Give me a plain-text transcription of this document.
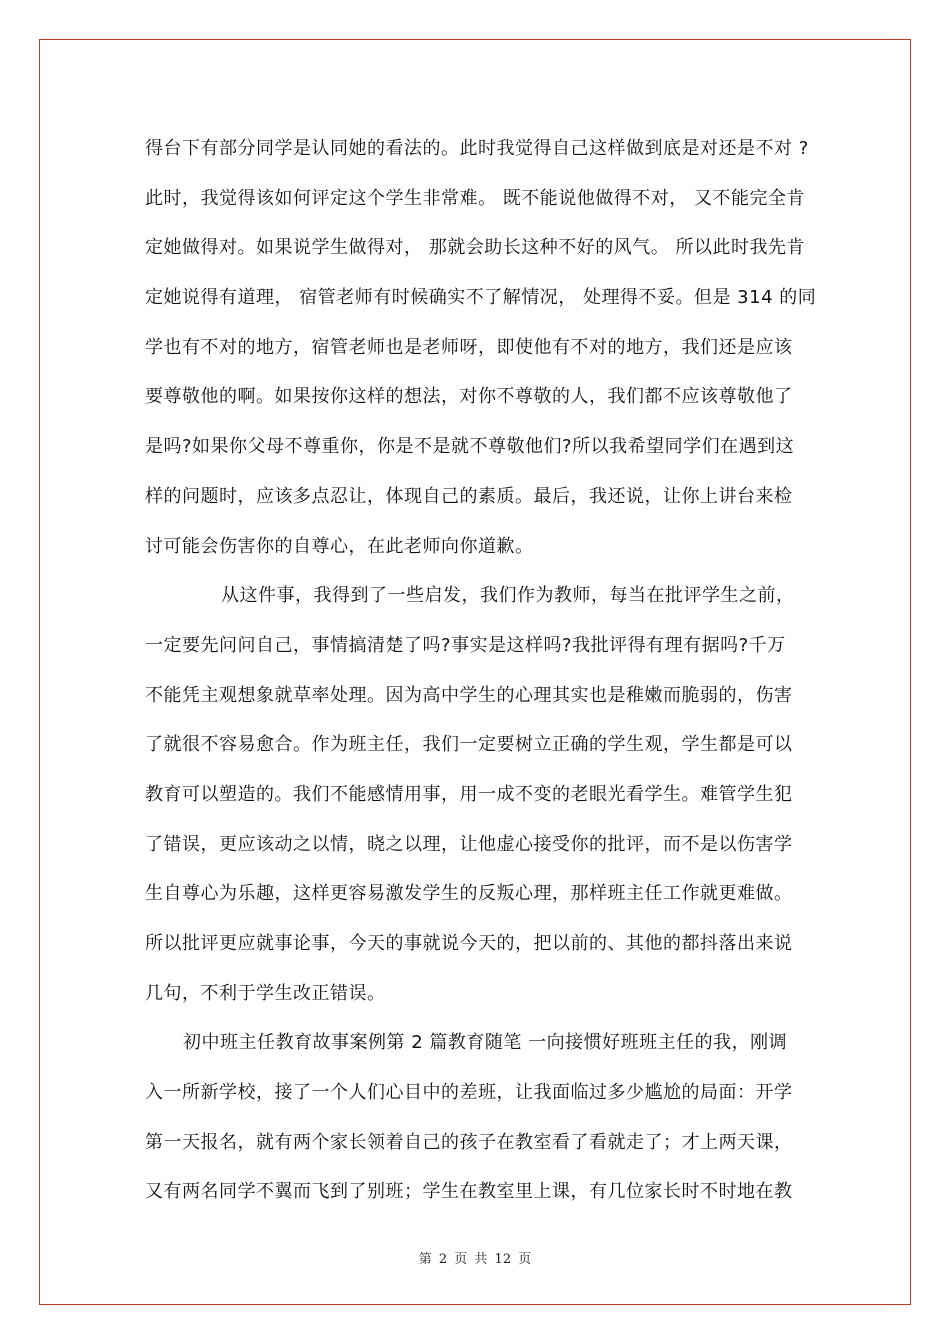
得台下有部分同学是认同她的看法的。此时我觉得自己这样做到底是对还是不对 ?
此时，我觉得该如何评定这个学生非常难。 既不能说他做得不对， 又不能完全肯
定她做得对。如果说学生做得对， 那就会助长这种不好的风气。 所以此时我先肯
定她说得有道理， 宿管老师有时候确实不了解情况， 处理得不妥。但是 314 的同
学也有不对的地方，宿管老师也是老师呀，即使他有不对的地方，我们还是应该
要尊敬他的啊。如果按你这样的想法，对你不尊敬的人，我们都不应该尊敬他了
是吗?如果你父母不尊重你，你是不是就不尊敬他们?所以我希望同学们在遇到这
样的问题时，应该多点忍让，体现自己的素质。最后，我还说，让你上讲台来检
讨可能会伤害你的自尊心，在此老师向你道歉。
从这件事，我得到了一些启发，我们作为教师，每当在批评学生之前，
一定要先问问自己，事情搞清楚了吗?事实是这样吗?我批评得有理有据吗?千万
不能凭主观想象就草率处理。因为高中学生的心理其实也是稚嫩而脆弱的，伤害
了就很不容易愈合。作为班主任，我们一定要树立正确的学生观，学生都是可以
教育可以塑造的。我们不能感情用事，用一成不变的老眼光看学生。难管学生犯
了错误，更应该动之以情，晓之以理，让他虚心接受你的批评，而不是以伤害学
生自尊心为乐趣，这样更容易激发学生的反叛心理，那样班主任工作就更难做。
所以批评更应就事论事，今天的事就说今天的，把以前的、其他的都抖落出来说
几句，不利于学生改正错误。
初中班主任教育故事案例第 2 篇教育随笔 一向接惯好班班主任的我，刚调
入一所新学校，接了一个人们心目中的差班，让我面临过多少尴尬的局面：开学
第一天报名，就有两个家长领着自己的孩子在教室看了看就走了；才上两天课，
又有两名同学不翼而飞到了别班；学生在教室里上课，有几位家长时不时地在教
第 2 页 共 12 页
